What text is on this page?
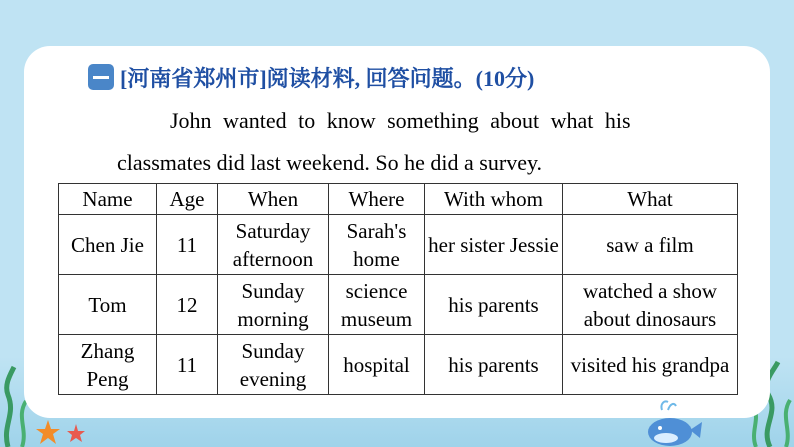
[河南省郑州市]阅读材料, 回答问题。(10分)
John wanted to know something about what his
classmates did last weekend. So he did a survey.
Name	Age	When	Where	With whom	What
Chen Jie	11	Saturday afternoon	Sarah's home	her sister Jessie	saw a film
Tom	12	Sunday morning	science museum	his parents	watched a show about dinosaurs
Zhang Peng	11	Sunday evening	hospital	his parents	visited his grandpa
